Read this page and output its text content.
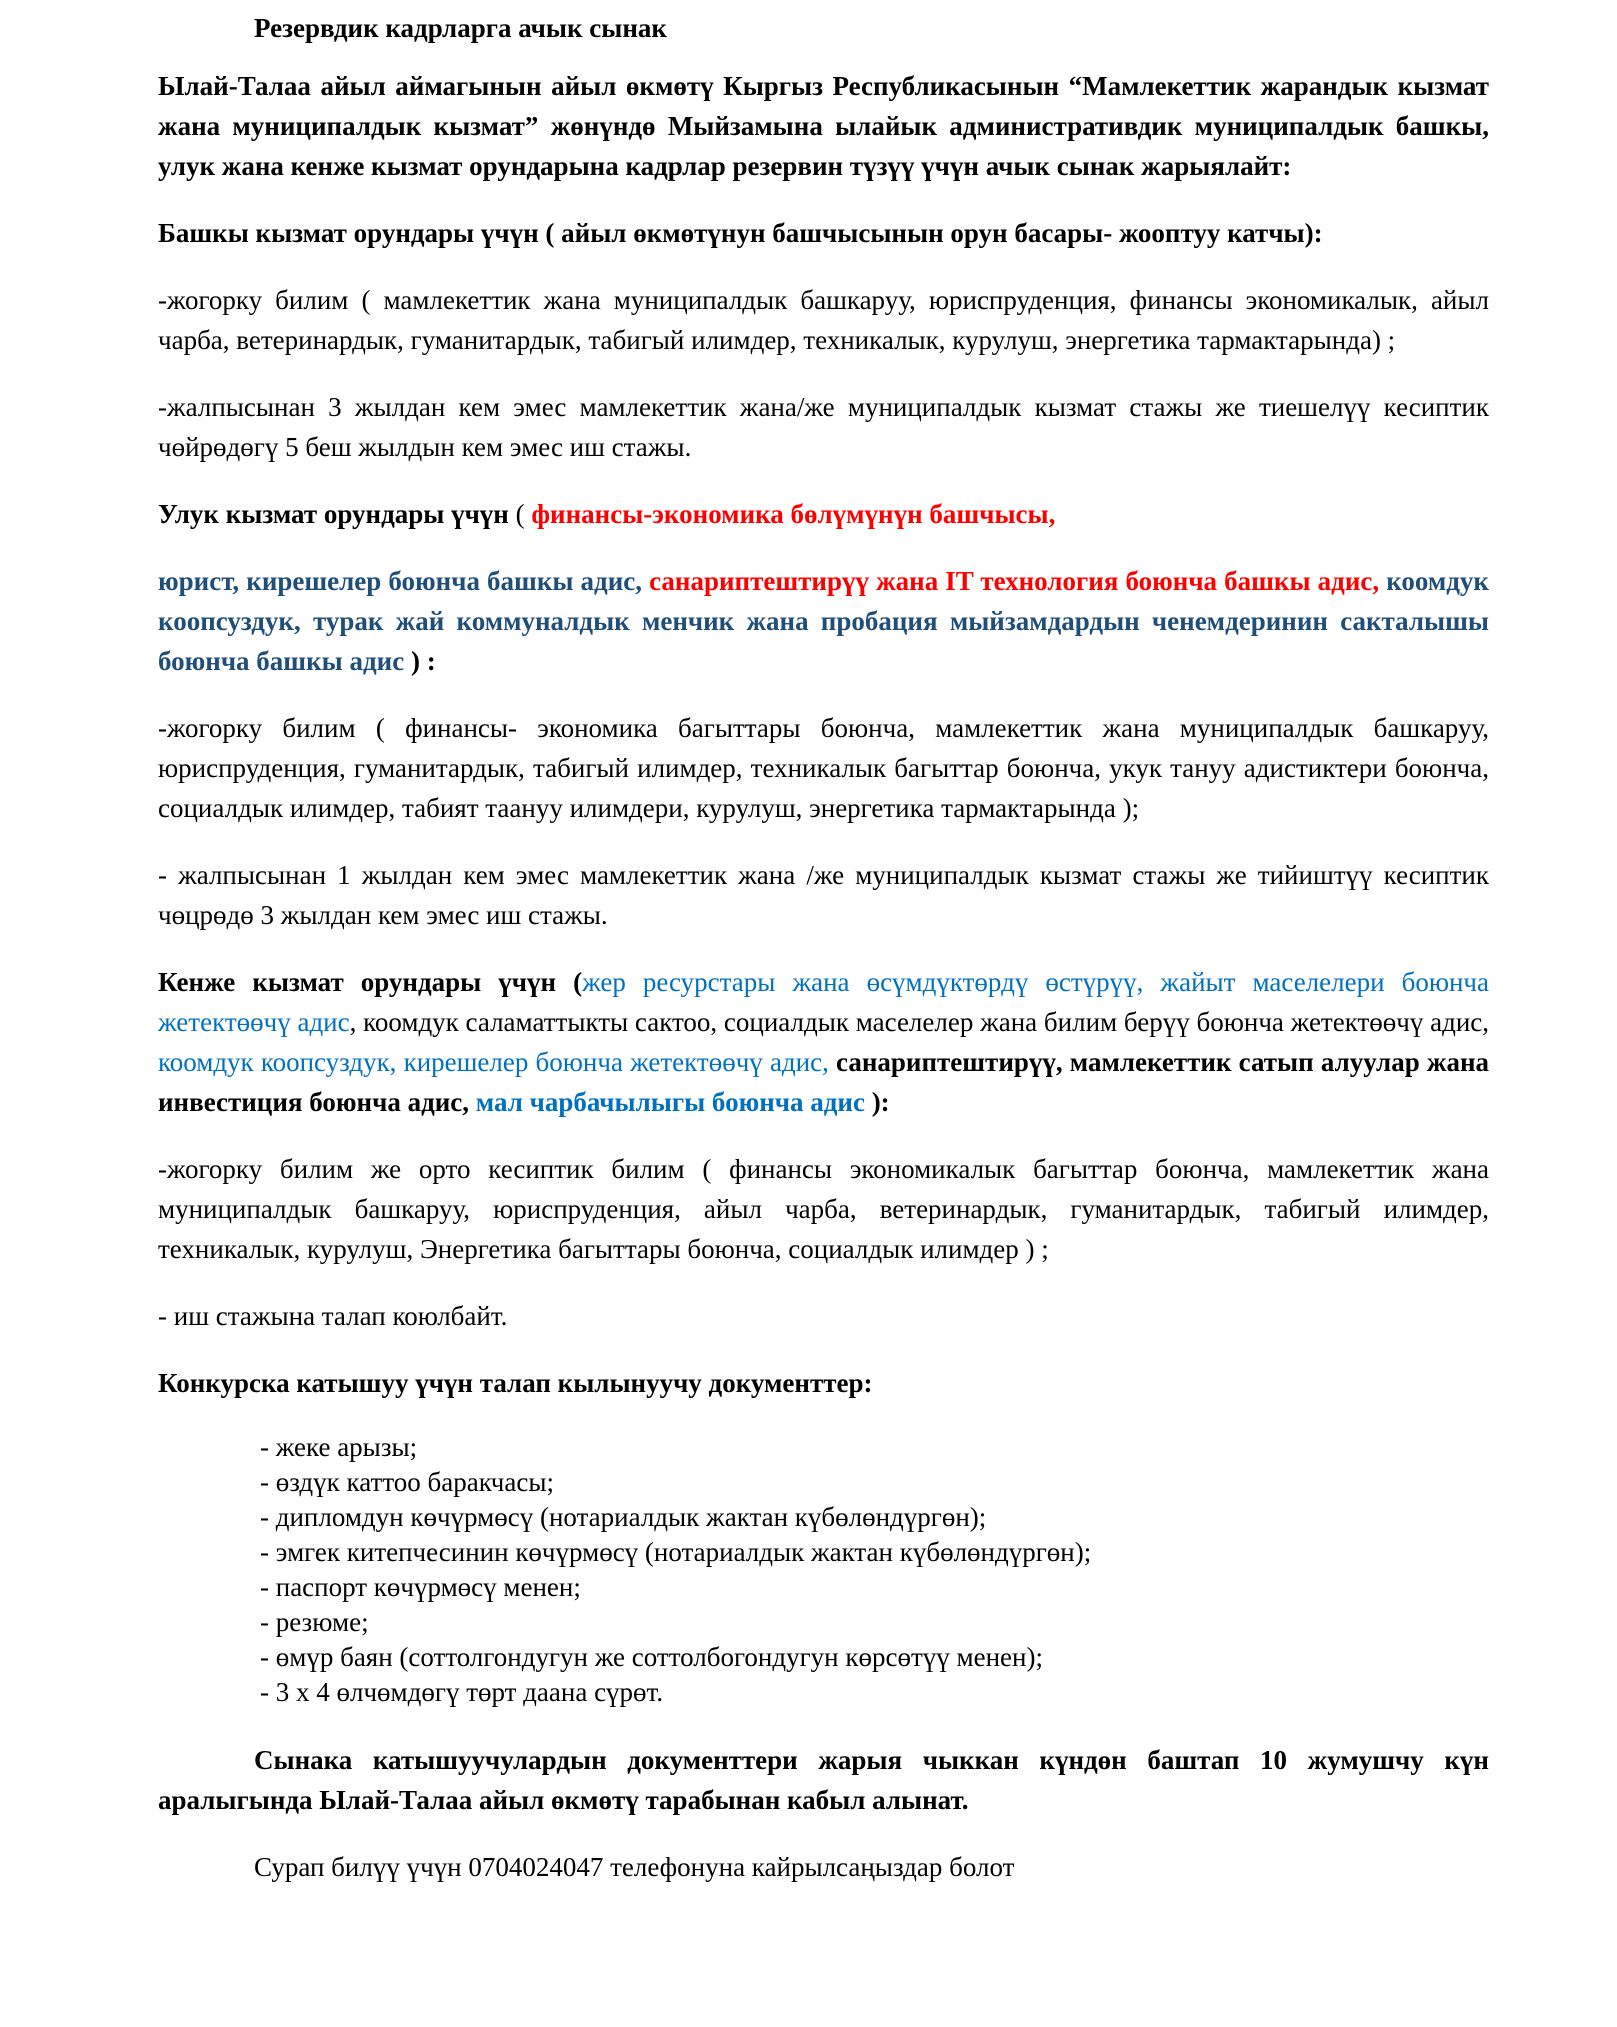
Резервдик кадрларга ачык сынак

Ылай-Талаа айыл аймагынын айыл өкмөтү Кыргыз Республикасынын “Мамлекеттик жарандык кызмат жана муниципалдык кызмат” жөнүндө Мыйзамына ылайык административдик муниципалдык башкы, улук жана кенже кызмат орундарына кадрлар резервин түзүү үчүн ачык сынак жарыялайт:

Башкы кызмат орундары үчүн ( айыл өкмөтүнун башчысынын орун басары- жооптуу катчы):

-жогорку билим ( мамлекеттик жана муниципалдык башкаруу, юриспруденция, финансы экономикалык, айыл чарба, ветеринардык, гуманитардык, табигый илимдер, техникалык, курулуш, энергетика тармактарында) ;

-жалпысынан 3 жылдан кем эмес мамлекеттик жана/же муниципалдык кызмат стажы же тиешелүү кесиптик чөйрөдөгү 5 беш жылдын кем эмес иш стажы.

Улук кызмат орундары үчүн ( финансы-экономика бөлүмүнүн башчысы,

юрист, кирешелер боюнча башкы адис, санариптештирүү жана IT технология боюнча башкы адис, коомдук коопсуздук, турак жай коммуналдык менчик жана пробация мыйзамдардын ченемдеринин сакталышы боюнча башкы адис ) :

-жогорку билим ( финансы- экономика багыттары боюнча, мамлекеттик жана муниципалдык башкаруу, юриспруденция, гуманитардык, табигый илимдер, техникалык багыттар боюнча, укук тануу адистиктери боюнча, социалдык илимдер, табият таануу илимдери, курулуш, энергетика тармактарында );

- жалпысынан 1 жылдан кем эмес мамлекеттик жана /же муниципалдык кызмат стажы же тийиштүү кесиптик чөцрөдө 3 жылдан кем эмес иш стажы.

Кенже кызмат орундары үчүн (жер ресурстары жана өсүмдүктөрдү өстүрүү, жайыт маселелери боюнча жетектөөчү адис, коомдук саламаттыкты сактоо, социалдык маселелер жана билим берүү боюнча жетектөөчү адис, коомдук коопсуздук, кирешелер боюнча жетектөөчү адис, санариптештирүү, мамлекеттик сатып алуулар жана инвестиция боюнча адис, мал чарбачылыгы боюнча адис ):

-жогорку билим же орто кесиптик билим ( финансы экономикалык багыттар боюнча, мамлекеттик жана муниципалдык башкаруу, юриспруденция, айыл чарба, ветеринардык, гуманитардык, табигый илимдер, техникалык, курулуш, Энергетика багыттары боюнча, социалдык илимдер ) ;

- иш стажына талап коюлбайт.

Конкурска катышуу үчүн талап кылынуучу документтер:

- жеке арызы;

- өздүк каттоо баракчасы;

- дипломдун көчүрмөсү (нотариалдык жактан күбөлөндүргөн);

- эмгек китепчесинин көчүрмөсү (нотариалдык жактан күбөлөндүргөн);

- паспорт көчүрмөсү менен;

- резюме;

- өмүр баян (соттолгондугун же соттолбогондугун көрсөтүү менен);

- 3 х 4 өлчөмдөгү төрт даана сүрөт.

Сынака катышуучулардын документтери жарыя чыккан күндөн баштап 10 жумушчу күн аралыгында Ылай-Талаа айыл өкмөтү тарабынан кабыл алынат.

Сурап билүү үчүн 0704024047 телефонуна кайрылсаңыздар болот
